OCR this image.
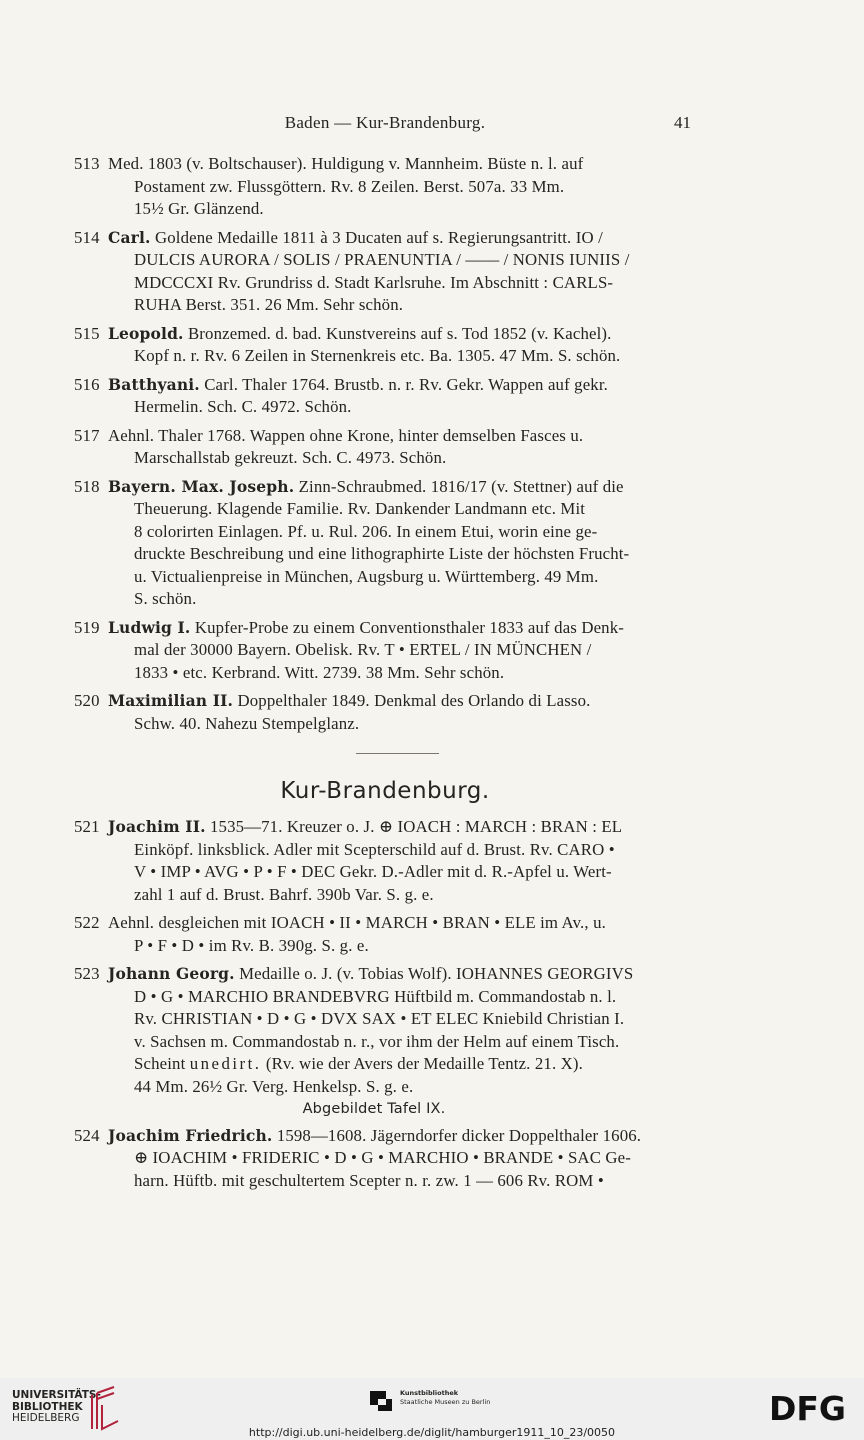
Baden — Kur-Brandenburg.	41
513 Med. 1803 (v. Boltschauser). Huldigung v. Mannheim. Büste n. l. auf
Postament zw. Flussgöttern. Rv. 8 Zeilen. Berst. 507a. 33 Mm.
15½ Gr. Glänzend.
514 Carl. Goldene Medaille 1811 à 3 Ducaten auf s. Regierungsantritt. IO /
DULCIS AURORA / SOLIS / PRAENUNTIA / —— / NONIS IUNIIS /
MDCCCXI Rv. Grundriss d. Stadt Karlsruhe. Im Abschnitt : CARLS-
RUHA Berst. 351. 26 Mm. Sehr schön.
515 Leopold. Bronzemed. d. bad. Kunstvereins auf s. Tod 1852 (v. Kachel).
Kopf n. r. Rv. 6 Zeilen in Sternenkreis etc. Ba. 1305. 47 Mm. S. schön.
516 Batthyani. Carl. Thaler 1764. Brustb. n. r. Rv. Gekr. Wappen auf gekr.
Hermelin. Sch. C. 4972. Schön.
517 Aehnl. Thaler 1768. Wappen ohne Krone, hinter demselben Fasces u.
Marschallstab gekreuzt. Sch. C. 4973. Schön.
518 Bayern. Max. Joseph. Zinn-Schraubmed. 1816/17 (v. Stettner) auf die
Theuerung. Klagende Familie. Rv. Dankender Landmann etc. Mit
8 colorirten Einlagen. Pf. u. Rul. 206. In einem Etui, worin eine ge-
druckte Beschreibung und eine lithographirte Liste der höchsten Frucht-
u. Victualienpreise in München, Augsburg u. Württemberg. 49 Mm.
S. schön.
519 Ludwig I. Kupfer-Probe zu einem Conventionsthaler 1833 auf das Denk-
mal der 30000 Bayern. Obelisk. Rv. T • ERTEL / IN MÜNCHEN /
1833 • etc. Kerbrand. Witt. 2739. 38 Mm. Sehr schön.
520 Maximilian II. Doppelthaler 1849. Denkmal des Orlando di Lasso.
Schw. 40. Nahezu Stempelglanz.
Kur-Brandenburg.
521 Joachim II. 1535—71. Kreuzer o. J. ⊕ IOACH : MARCH : BRAN : EL
Einköpf. linksblick. Adler mit Scepterschild auf d. Brust. Rv. CARO •
V • IMP • AVG • P • F • DEC Gekr. D.-Adler mit d. R.-Apfel u. Wert-
zahl 1 auf d. Brust. Bahrf. 390b Var. S. g. e.
522 Aehnl. desgleichen mit IOACH • II • MARCH • BRAN • ELE im Av., u.
P • F • D • im Rv. B. 390g. S. g. e.
523 Johann Georg. Medaille o. J. (v. Tobias Wolf). IOHANNES GEORGIVS
D • G • MARCHIO BRANDEBVRG Hüftbild m. Commandostab n. l.
Rv. CHRISTIAN • D • G • DVX SAX • ET ELEC Kniebild Christian I.
v. Sachsen m. Commandostab n. r., vor ihm der Helm auf einem Tisch.
Scheint unedirt. (Rv. wie der Avers der Medaille Tentz. 21. X).
44 Mm. 26½ Gr. Verg. Henkelsp. S. g. e.
Abgebildet Tafel IX.
524 Joachim Friedrich. 1598—1608. Jägerndorfer dicker Doppelthaler 1606.
⊕ IOACHIM • FRIDERIC • D • G • MARCHIO • BRANDE • SAC Ge-
harn. Hüftb. mit geschultertem Scepter n. r. zw. 1 — 606 Rv. ROM •
UNIVERSITÄTS-
BIBLIOTHEK
HEIDELBERG
Kunstbibliothek
Staatliche Museen zu Berlin	DFG
http://digi.ub.uni-heidelberg.de/diglit/hamburger1911_10_23/0050
